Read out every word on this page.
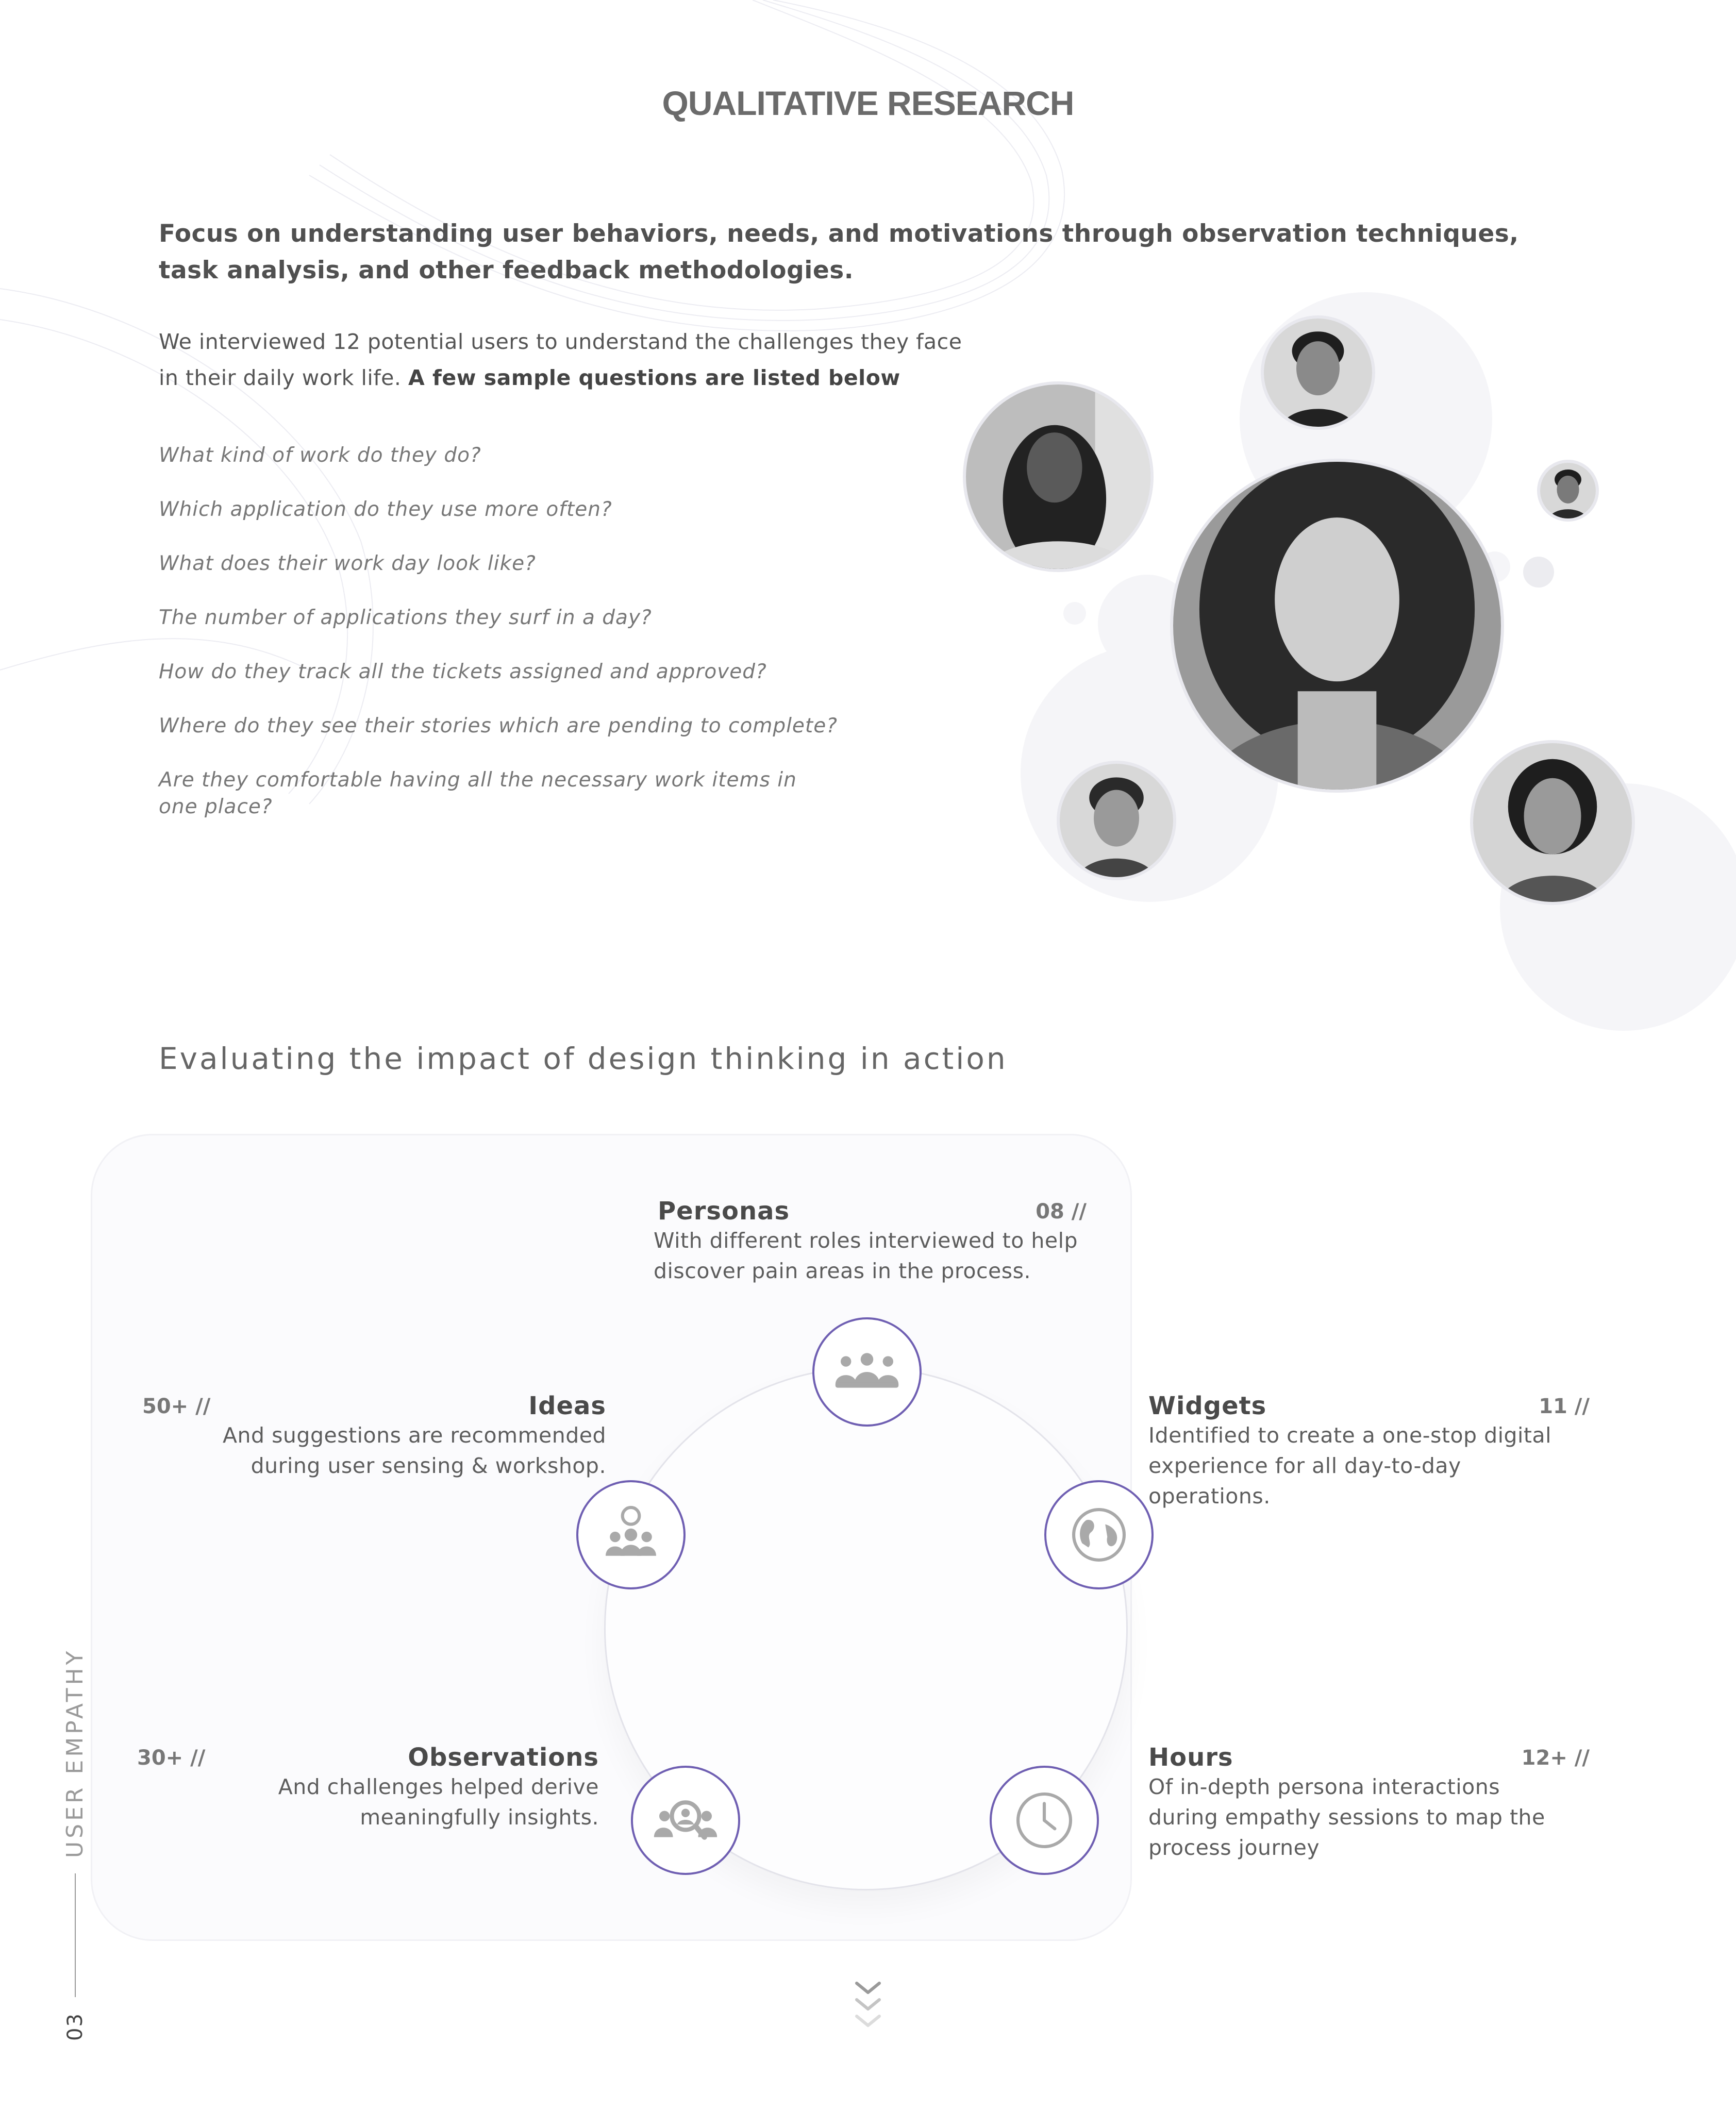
QUALITATIVE RESEARCH
Focus on understanding user behaviors, needs, and motivations through observation techniques, task analysis, and other feedback methodologies.
We interviewed 12 potential users to understand the challenges they face in their daily work life. A few sample questions are listed below
What kind of work do they do?
Which application do they use more often?
What does their work day look like?
The number of applications they surf in a day?
How do they track all the tickets assigned and approved?
Where do they see their stories which are pending to complete?
Are they comfortable having all the necessary work items in one place?
Evaluating the impact of design thinking in action
Personas	08 //
With different roles interviewed to help discover pain areas in the process.
50+ //	Ideas
And suggestions are recommended during user sensing & workshop.
Widgets	11 //
Identified to create a one-stop digital experience for all day-to-day operations.
30+ //	Observations
And challenges helped derive meaningfully insights.
Hours	12+ //
Of in-depth persona interactions during empathy sessions to map the process journey
03
USER EMPATHY
